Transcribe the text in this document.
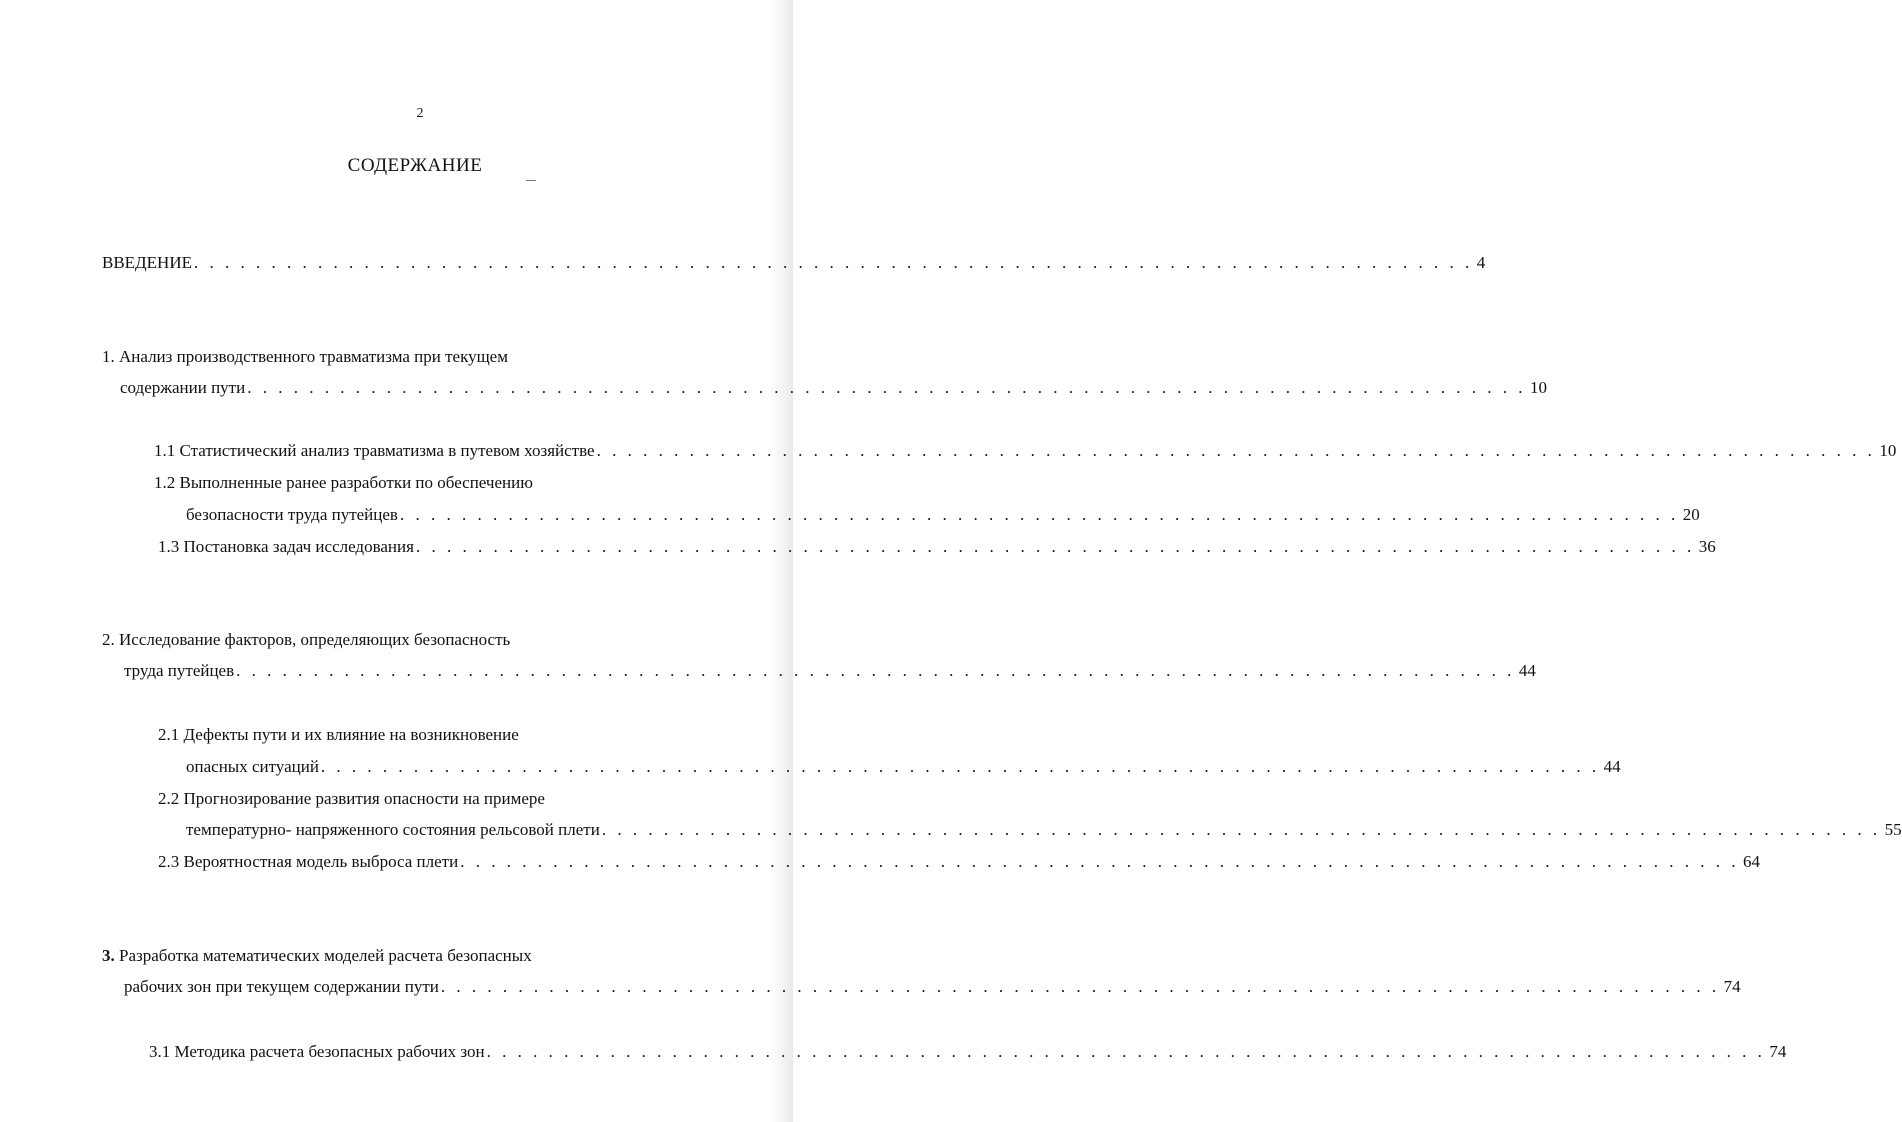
2
СОДЕРЖАНИЕ
ВВЕДЕНИЕ . . . . . . . . . . . . . . . . . . . . . . . . . . . . . . . . . . . . . . . . . . . . . . . . . . . . . . . . . . . . . . . . . . . . . . . . . . . . . . . . . . . 4
1. Анализ производственного травматизма при текущем
содержании пути . . . . . . . . . . . . . . . . . . . . . . . . . . . . . . . . . . . . . . . . . . . . . . . . . . . . . . . . . . . . . . . . . . . . . . . . . . . . . . . . . . . 10
1.1 Статистический анализ травматизма в путевом хозяйстве . . . . . . . . . . . . . . . . . . . . . . . . . . . . . . . . . . . . . . . . . . . . . . . . . . . . . . . . . . . . . . . . . . . . . . . . . . . . . . . . . . . 10
1.2 Выполненные ранее разработки по обеспечению
безопасности труда путейцев . . . . . . . . . . . . . . . . . . . . . . . . . . . . . . . . . . . . . . . . . . . . . . . . . . . . . . . . . . . . . . . . . . . . . . . . . . . . . . . . . . . 20
1.3 Постановка задач исследования . . . . . . . . . . . . . . . . . . . . . . . . . . . . . . . . . . . . . . . . . . . . . . . . . . . . . . . . . . . . . . . . . . . . . . . . . . . . . . . . . . . 36
2. Исследование факторов, определяющих безопасность
труда путейцев . . . . . . . . . . . . . . . . . . . . . . . . . . . . . . . . . . . . . . . . . . . . . . . . . . . . . . . . . . . . . . . . . . . . . . . . . . . . . . . . . . . 44
2.1 Дефекты пути и их влияние на возникновение
опасных ситуаций . . . . . . . . . . . . . . . . . . . . . . . . . . . . . . . . . . . . . . . . . . . . . . . . . . . . . . . . . . . . . . . . . . . . . . . . . . . . . . . . . . . 44
2.2 Прогнозирование развития опасности на примере
температурно- напряженного состояния рельсовой плети . . . . . . . . . . . . . . . . . . . . . . . . . . . . . . . . . . . . . . . . . . . . . . . . . . . . . . . . . . . . . . . . . . . . . . . . . . . . . . . . . . . 55
2.3 Вероятностная модель выброса плети . . . . . . . . . . . . . . . . . . . . . . . . . . . . . . . . . . . . . . . . . . . . . . . . . . . . . . . . . . . . . . . . . . . . . . . . . . . . . . . . . . . 64
3. Разработка математических моделей расчета безопасных
рабочих зон при текущем содержании пути . . . . . . . . . . . . . . . . . . . . . . . . . . . . . . . . . . . . . . . . . . . . . . . . . . . . . . . . . . . . . . . . . . . . . . . . . . . . . . . . . . . 74
3.1 Методика расчета безопасных рабочих зон . . . . . . . . . . . . . . . . . . . . . . . . . . . . . . . . . . . . . . . . . . . . . . . . . . . . . . . . . . . . . . . . . . . . . . . . . . . . . . . . . . . 74
